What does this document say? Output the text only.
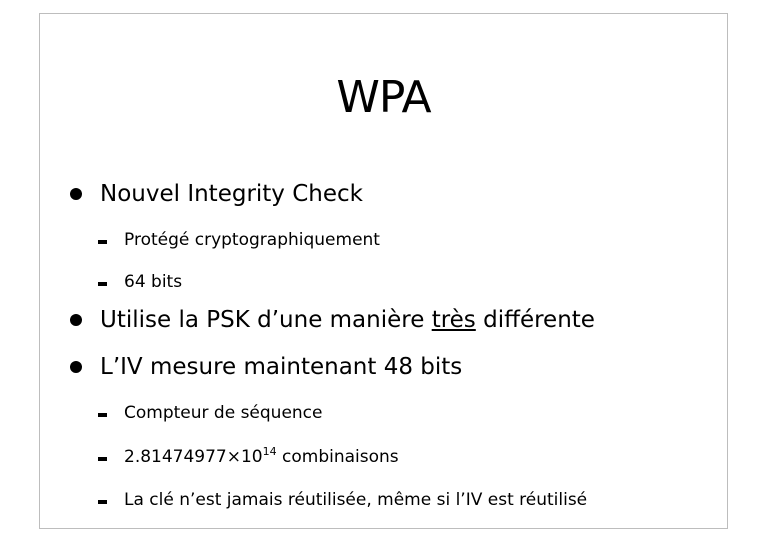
WPA
Nouvel Integrity Check
Protégé cryptographiquement
64 bits
Utilise la PSK d’une manière très différente
L’IV mesure maintenant 48 bits
Compteur de séquence
$2.81474977\times 10^{14}$ combinaisons
La clé n’est jamais réutilisée, même si l’IV est réutilisé
